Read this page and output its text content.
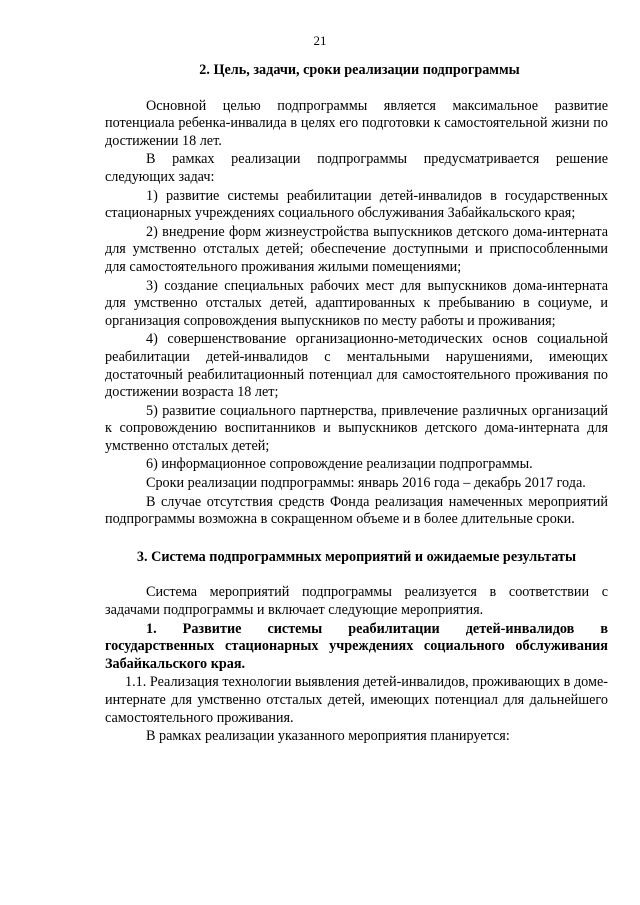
21

2. Цель, задачи, сроки реализации подпрограммы

Основной целью подпрограммы является максимальное развитие потенциала ребенка-инвалида в целях его подготовки к самостоятельной жизни по достижении 18 лет.

В рамках реализации подпрограммы предусматривается решение следующих задач:

1) развитие системы реабилитации детей-инвалидов в государственных стационарных учреждениях социального обслуживания Забайкальского края;

2) внедрение форм жизнеустройства выпускников детского дома-интерната для умственно отсталых детей; обеспечение доступными и приспособленными для самостоятельного проживания жилыми помещениями;

3) создание специальных рабочих мест для выпускников дома-интерната для умственно отсталых детей, адаптированных к пребыванию в социуме, и организация сопровождения выпускников по месту работы и проживания;

4) совершенствование организационно-методических основ социальной реабилитации детей-инвалидов с ментальными нарушениями, имеющих достаточный реабилитационный потенциал для самостоятельного проживания по достижении возраста 18 лет;

5) развитие социального партнерства, привлечение различных организаций к сопровождению воспитанников и выпускников детского дома-интерната для умственно отсталых детей;

6) информационное сопровождение реализации подпрограммы.

Сроки реализации подпрограммы: январь 2016 года – декабрь 2017 года.

В случае отсутствия средств Фонда реализация намеченных мероприятий подпрограммы возможна в сокращенном объеме и в более длительные сроки.

3. Система подпрограммных мероприятий и ожидаемые результаты

Система мероприятий подпрограммы реализуется в соответствии с задачами подпрограммы и включает следующие мероприятия.

1. Развитие системы реабилитации детей-инвалидов в государственных стационарных учреждениях социального обслуживания Забайкальского края.

1.1. Реализация технологии выявления детей-инвалидов, проживающих в доме-интернате для умственно отсталых детей, имеющих потенциал для дальнейшего самостоятельного проживания.

В рамках реализации указанного мероприятия планируется:
